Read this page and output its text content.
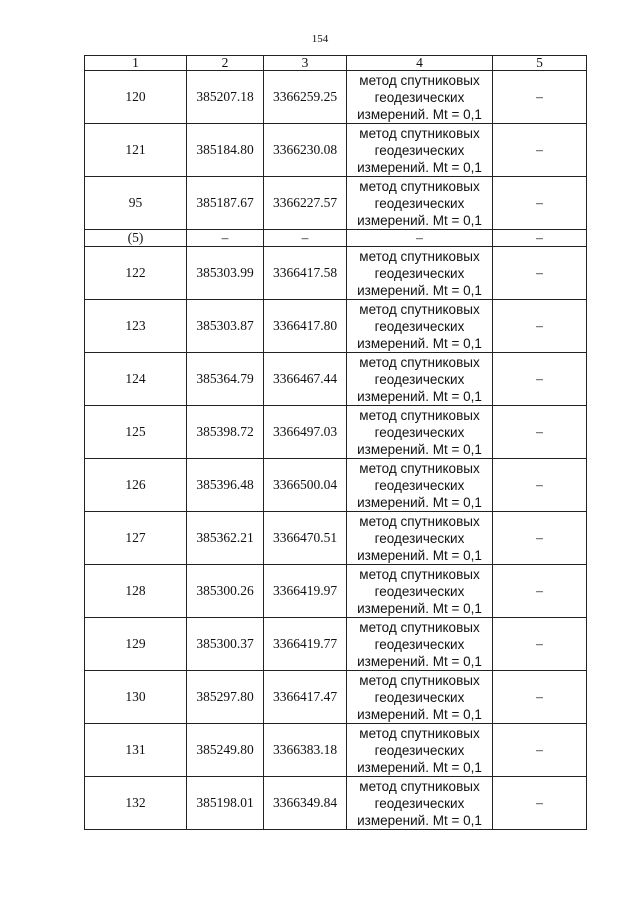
154
1	2	3	4	5
120	385207.18	3366259.25	метод спутниковых
геодезических
измерений. Mt = 0,1	–
121	385184.80	3366230.08	метод спутниковых
геодезических
измерений. Mt = 0,1	–
95	385187.67	3366227.57	метод спутниковых
геодезических
измерений. Mt = 0,1	–
(5)	–	–	–	–
122	385303.99	3366417.58	метод спутниковых
геодезических
измерений. Mt = 0,1	–
123	385303.87	3366417.80	метод спутниковых
геодезических
измерений. Mt = 0,1	–
124	385364.79	3366467.44	метод спутниковых
геодезических
измерений. Mt = 0,1	–
125	385398.72	3366497.03	метод спутниковых
геодезических
измерений. Mt = 0,1	–
126	385396.48	3366500.04	метод спутниковых
геодезических
измерений. Mt = 0,1	–
127	385362.21	3366470.51	метод спутниковых
геодезических
измерений. Mt = 0,1	–
128	385300.26	3366419.97	метод спутниковых
геодезических
измерений. Mt = 0,1	–
129	385300.37	3366419.77	метод спутниковых
геодезических
измерений. Mt = 0,1	–
130	385297.80	3366417.47	метод спутниковых
геодезических
измерений. Mt = 0,1	–
131	385249.80	3366383.18	метод спутниковых
геодезических
измерений. Mt = 0,1	–
132	385198.01	3366349.84	метод спутниковых
геодезических
измерений. Mt = 0,1	–
